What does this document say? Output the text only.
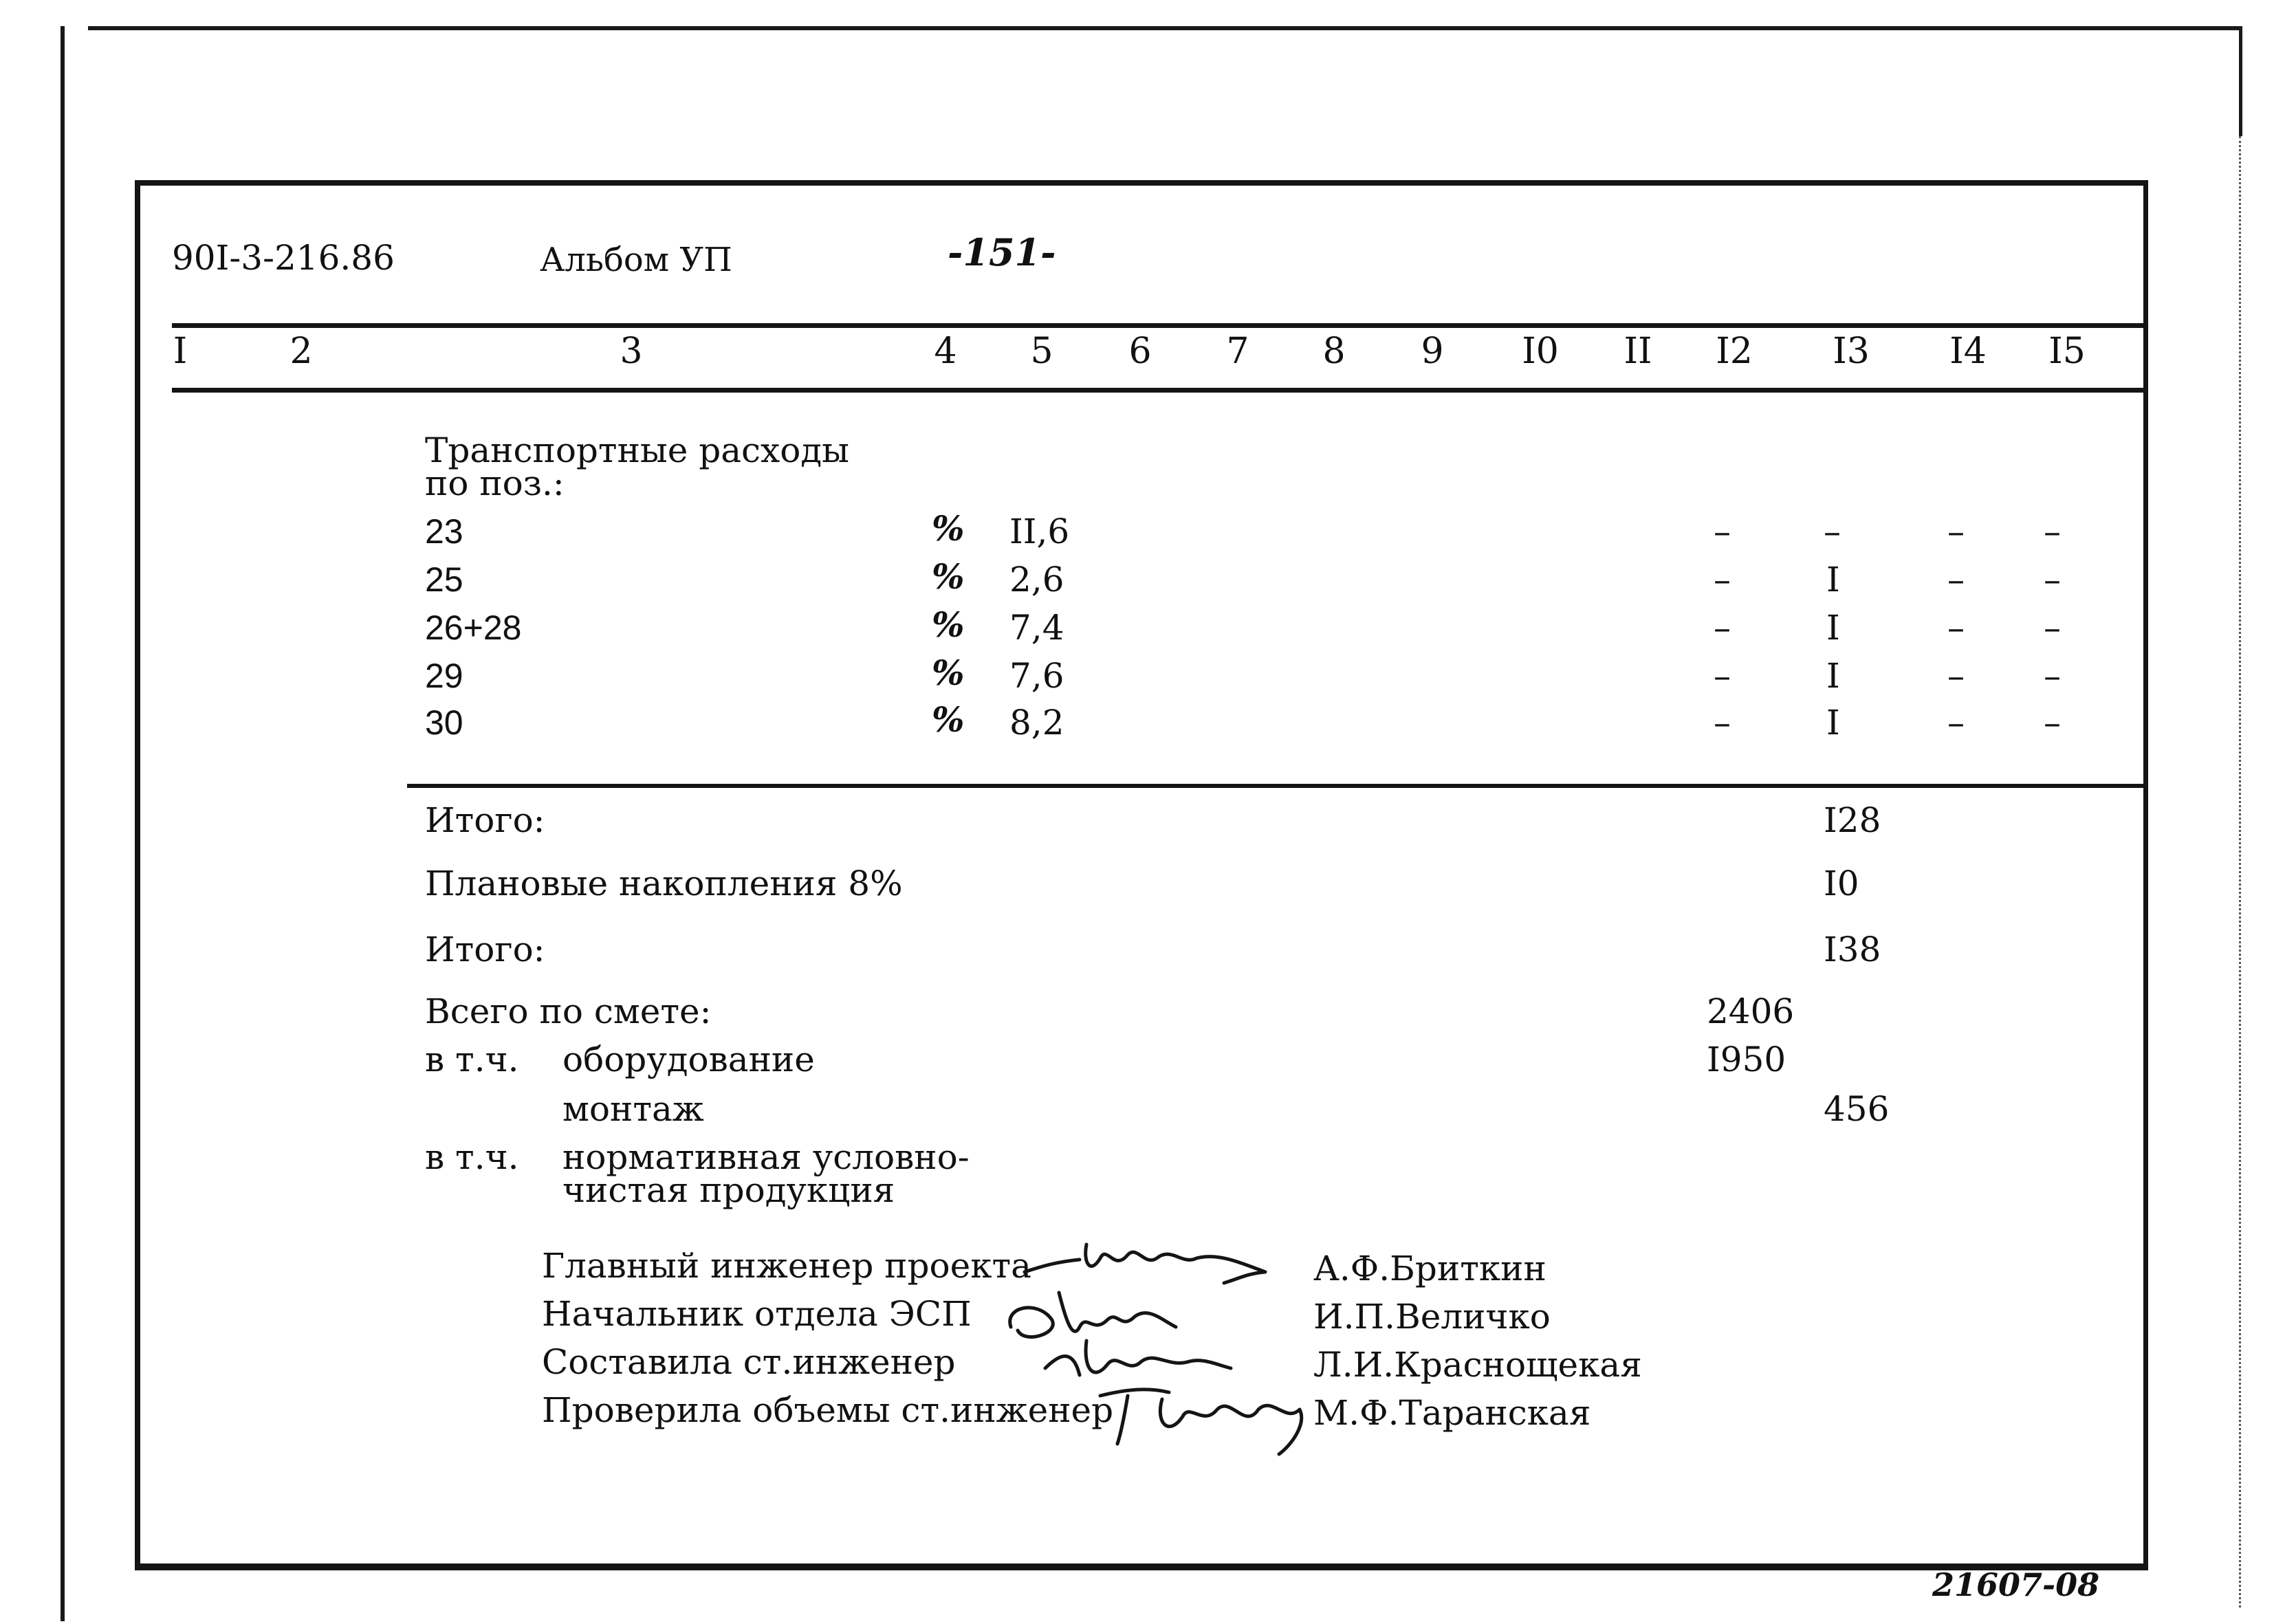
90I-3-216.86	Альбом УП	-151-
I	2	3	4 5 6 7 8 9 I0 II I2 I3 I4 I5
Транспортные расходы
по поз.:
23	% II,6	–	–	– –
25	% 2,6	–	I	– –
26+28	% 7,4	–	I	– –
29	% 7,6	–	I	– –
30	% 8,2	–	I	– –
Итого:	I28
Плановые накопления 8%	I0
Итого:	I38
Всего по смете:	2406
в т.ч. оборудование	I950
монтаж	456
в т.ч. нормативная условно-
чистая продукция
Главный инженер проекта	А.Ф.Бриткин
Начальник отдела ЭСП	И.П.Величко
Составила ст.инженер	Л.И.Краснощекая
Проверила объемы ст.инженер	М.Ф.Таранская
21607-08
